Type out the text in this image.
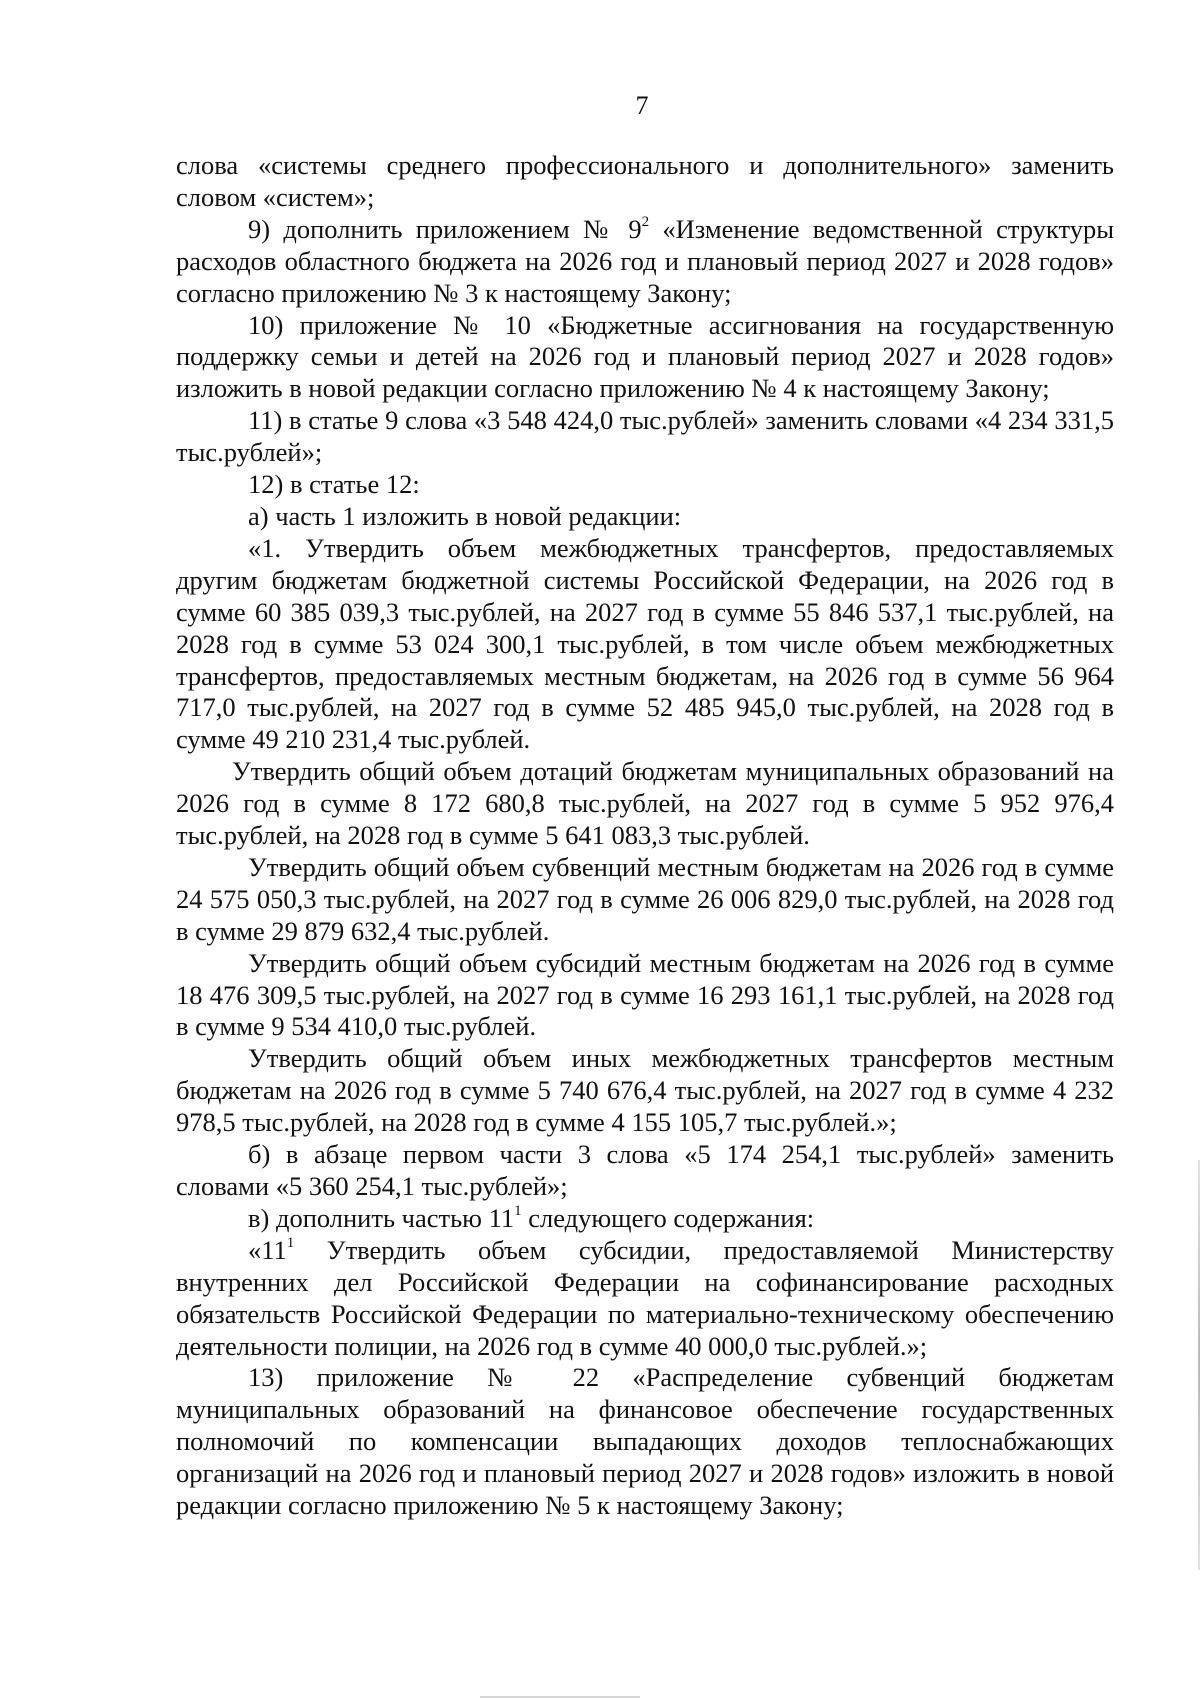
7

слова «системы среднего профессионального и дополнительного» заменить словом «систем»;

9) дополнить приложением № $9^2$ «Изменение ведомственной структуры расходов областного бюджета на 2026 год и плановый период 2027 и 2028 годов» согласно приложению № 3 к настоящему Закону;

10) приложение № 10 «Бюджетные ассигнования на государственную поддержку семьи и детей на 2026 год и плановый период 2027 и 2028 годов» изложить в новой редакции согласно приложению № 4 к настоящему Закону;

11) в статье 9 слова «3 548 424,0 тыс.рублей» заменить словами «4 234 331,5 тыс.рублей»;

12) в статье 12:

а) часть 1 изложить в новой редакции:

«1. Утвердить объем межбюджетных трансфертов, предоставляемых другим бюджетам бюджетной системы Российской Федерации, на 2026 год в сумме 60 385 039,3 тыс.рублей, на 2027 год в сумме 55 846 537,1 тыс.рублей, на 2028 год в сумме 53 024 300,1 тыс.рублей, в том числе объем межбюджетных трансфертов, предоставляемых местным бюджетам, на 2026 год в сумме 56 964 717,0 тыс.рублей, на 2027 год в сумме 52 485 945,0 тыс.рублей, на 2028 год в сумме 49 210 231,4 тыс.рублей.

Утвердить общий объем дотаций бюджетам муниципальных образований на 2026 год в сумме 8 172 680,8 тыс.рублей, на 2027 год в сумме 5 952 976,4 тыс.рублей, на 2028 год в сумме 5 641 083,3 тыс.рублей.

Утвердить общий объем субвенций местным бюджетам на 2026 год в сумме 24 575 050,3 тыс.рублей, на 2027 год в сумме 26 006 829,0 тыс.рублей, на 2028 год в сумме 29 879 632,4 тыс.рублей.

Утвердить общий объем субсидий местным бюджетам на 2026 год в сумме 18 476 309,5 тыс.рублей, на 2027 год в сумме 16 293 161,1 тыс.рублей, на 2028 год в сумме 9 534 410,0 тыс.рублей.

Утвердить общий объем иных межбюджетных трансфертов местным бюджетам на 2026 год в сумме 5 740 676,4 тыс.рублей, на 2027 год в сумме 4 232 978,5 тыс.рублей, на 2028 год в сумме 4 155 105,7 тыс.рублей.»;

б) в абзаце первом части 3 слова «5 174 254,1 тыс.рублей» заменить словами «5 360 254,1 тыс.рублей»;

в) дополнить частью $11^1$ следующего содержания:

«$11^1$ Утвердить объем субсидии, предоставляемой Министерству внутренних дел Российской Федерации на софинансирование расходных обязательств Российской Федерации по материально-техническому обеспечению деятельности полиции, на 2026 год в сумме 40 000,0 тыс.рублей.»;

13) приложение № 22 «Распределение субвенций бюджетам муниципальных образований на финансовое обеспечение государственных полномочий по компенсации выпадающих доходов теплоснабжающих организаций на 2026 год и плановый период 2027 и 2028 годов» изложить в новой редакции согласно приложению № 5 к настоящему Закону;
